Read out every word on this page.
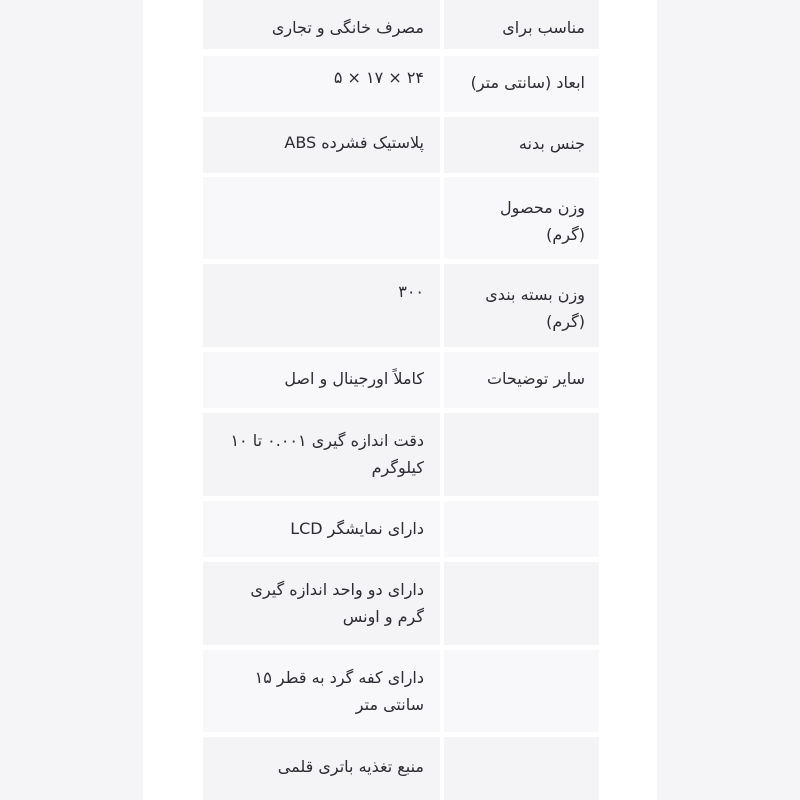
مناسب برای
مصرف خانگی و تجاری
ابعاد (سانتی متر)
۲۴ × ۱۷ × ۵
جنس بدنه
پلاستیک فشرده ABS
وزن محصول
(گرم)
وزن بسته بندی
(گرم)
۳۰۰
سایر توضیحات
کاملاً اورجینال و اصل
دقت اندازه گیری ۰.۰۰۱ تا ۱۰
کیلوگرم
دارای نمایشگر LCD
دارای دو واحد اندازه گیری
گرم و اونس
دارای کفه گرد به قطر ۱۵
سانتی متر
منبع تغذیه باتری قلمی
